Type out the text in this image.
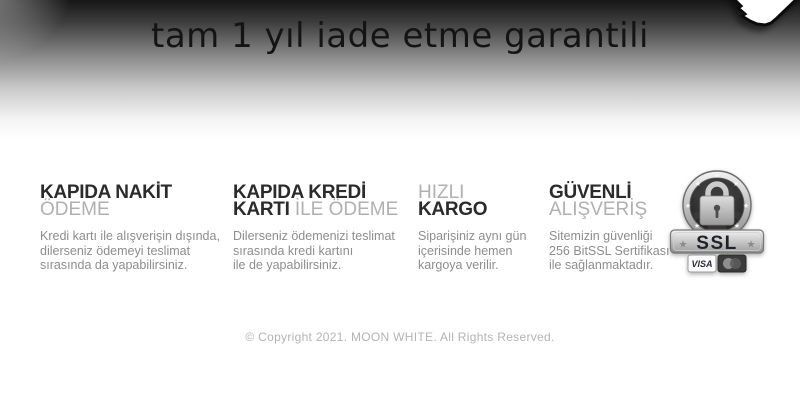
tam 1 yıl iade etme garantili
KAPIDA NAKİT
ÖDEME
Kredi kartı ile alışverişin dışında,
dilerseniz ödemeyi teslimat
sırasında da yapabilirsiniz.
KAPIDA KREDİ
KARTI İLE ÖDEME
Dilerseniz ödemenizi teslimat
sırasında kredi kartını
ile de yapabilirsiniz.
HIZLI
KARGO
Siparişiniz aynı gün
içerisinde hemen
kargoya verilir.
GÜVENLİ
ALIŞVERİŞ
Sitemizin güvenliği
256 BitSSL Sertifikası
ile sağlanmaktadır.
★
★	★
★	★
★	★
★	★
SSL
VISA
© Copyright 2021. MOON WHITE. All Rights Reserved.
